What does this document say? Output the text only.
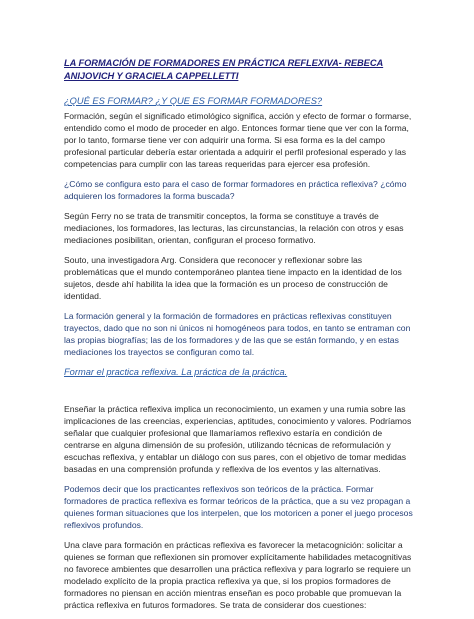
LA FORMACIÓN DE FORMADORES EN PRÁCTICA REFLEXIVA- REBECA ANIJOVICH Y GRACIELA CAPPELLETTI
¿QUÉ ES FORMAR? ¿Y QUE ES FORMAR FORMADORES?

Formación, según el significado etimológico significa, acción y efecto de formar o formarse, entendido como el modo de proceder en algo. Entonces formar tiene que ver con la forma, por lo tanto, formarse tiene ver con adquirir una forma. Si esa forma es la del campo profesional particular debería estar orientada a adquirir el perfil profesional esperado y las competencias para cumplir con las tareas requeridas para ejercer esa profesión.

¿Cómo se configura esto para el caso de formar formadores en práctica reflexiva? ¿cómo adquieren los formadores la forma buscada?

Según Ferry no se trata de transmitir conceptos, la forma se constituye a través de mediaciones, los formadores, las lecturas, las circunstancias, la relación con otros y esas mediaciones posibilitan, orientan, configuran el proceso formativo.

Souto, una investigadora Arg. Considera que reconocer y reflexionar sobre las problemáticas que el mundo contemporáneo plantea tiene impacto en la identidad de los sujetos, desde ahí habilita la idea que la formación es un proceso de construcción de identidad.

La formación general y la formación de formadores en prácticas reflexivas constituyen trayectos, dado que no son ni únicos ni homogéneos para todos, en tanto se entraman con las propias biografías; las de los formadores y de las que se están formando, y en estas mediaciones los trayectos se configuran como tal.

Formar el practica reflexiva. La práctica de la práctica.

Enseñar la práctica reflexiva implica un reconocimiento, un examen y una rumia sobre las implicaciones de las creencias, experiencias, aptitudes, conocimiento y valores. Podríamos señalar que cualquier profesional que llamaríamos reflexivo estaría en condición de centrarse en alguna dimensión de su profesión, utilizando técnicas de reformulación y escuchas reflexiva, y entablar un diálogo con sus pares, con el objetivo de tomar medidas basadas en una comprensión profunda y reflexiva de los eventos y las alternativas.

Podemos decir que los practicantes reflexivos son teóricos de la práctica. Formar formadores de practica reflexiva es formar teóricos de la práctica, que a su vez propagan a quienes forman situaciones que los interpelen, que los motoricen a poner el juego procesos reflexivos profundos.

Una clave para formación en prácticas reflexiva es favorecer la metacognición: solicitar a quienes se forman que reflexionen sin promover explícitamente habilidades metacognitivas no favorece ambientes que desarrollen una práctica reflexiva y para lograrlo se requiere un modelado explícito de la propia practica reflexiva ya que, si los propios formadores de formadores no piensan en acción mientras enseñan es poco probable que promuevan la práctica reflexiva en futuros formadores. Se trata de considerar dos cuestiones:
